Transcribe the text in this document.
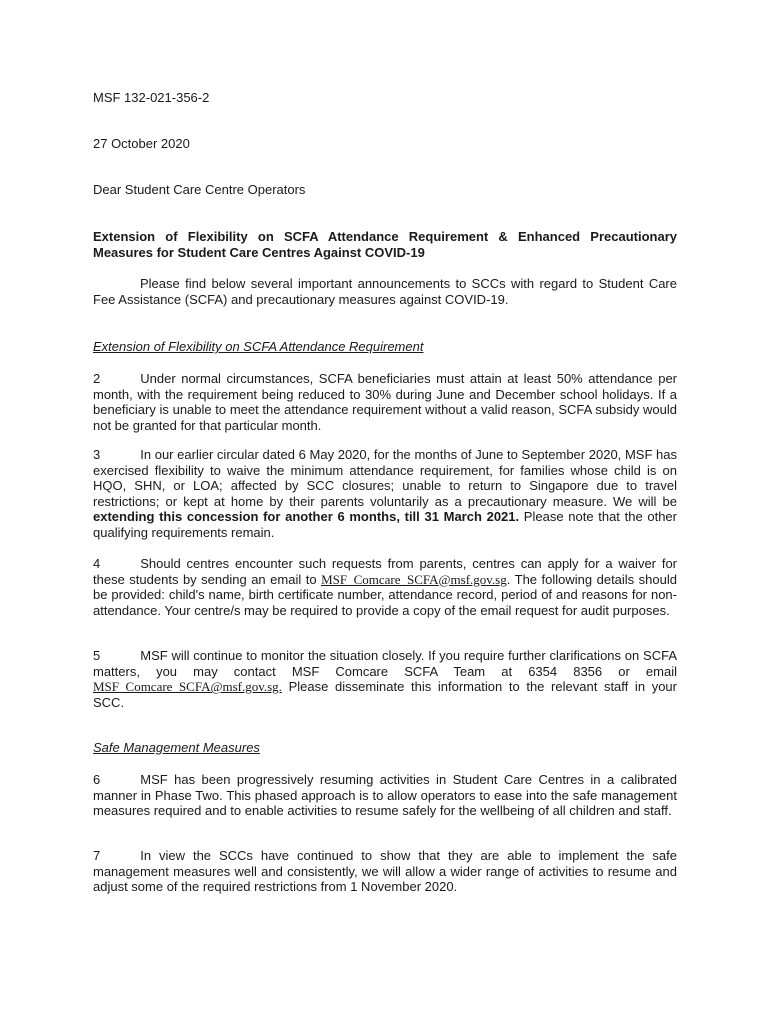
MSF 132-021-356-2

27 October 2020

Dear Student Care Centre Operators

Extension of Flexibility on SCFA Attendance Requirement & Enhanced Precautionary Measures for Student Care Centres Against COVID-19

Please find below several important announcements to SCCs with regard to Student Care Fee Assistance (SCFA) and precautionary measures against COVID-19.

Extension of Flexibility on SCFA Attendance Requirement

2	Under normal circumstances, SCFA beneficiaries must attain at least 50% attendance per month, with the requirement being reduced to 30% during June and December school holidays. If a beneficiary is unable to meet the attendance requirement without a valid reason, SCFA subsidy would not be granted for that particular month.

3	In our earlier circular dated 6 May 2020, for the months of June to September 2020, MSF has exercised flexibility to waive the minimum attendance requirement, for families whose child is on HQO, SHN, or LOA; affected by SCC closures; unable to return to Singapore due to travel restrictions; or kept at home by their parents voluntarily as a precautionary measure. We will be extending this concession for another 6 months, till 31 March 2021. Please note that the other qualifying requirements remain.

4	Should centres encounter such requests from parents, centres can apply for a waiver for these students by sending an email to MSF_Comcare_SCFA@msf.gov.sg. The following details should be provided: child's name, birth certificate number, attendance record, period of and reasons for non-attendance. Your centre/s may be required to provide a copy of the email request for audit purposes.

5	MSF will continue to monitor the situation closely. If you require further clarifications on SCFA matters, you may contact MSF Comcare SCFA Team at 6354 8356 or email MSF_Comcare_SCFA@msf.gov.sg. Please disseminate this information to the relevant staff in your SCC.

Safe Management Measures

6	MSF has been progressively resuming activities in Student Care Centres in a calibrated manner in Phase Two. This phased approach is to allow operators to ease into the safe management measures required and to enable activities to resume safely for the wellbeing of all children and staff.

7	In view the SCCs have continued to show that they are able to implement the safe management measures well and consistently, we will allow a wider range of activities to resume and adjust some of the required restrictions from 1 November 2020.
